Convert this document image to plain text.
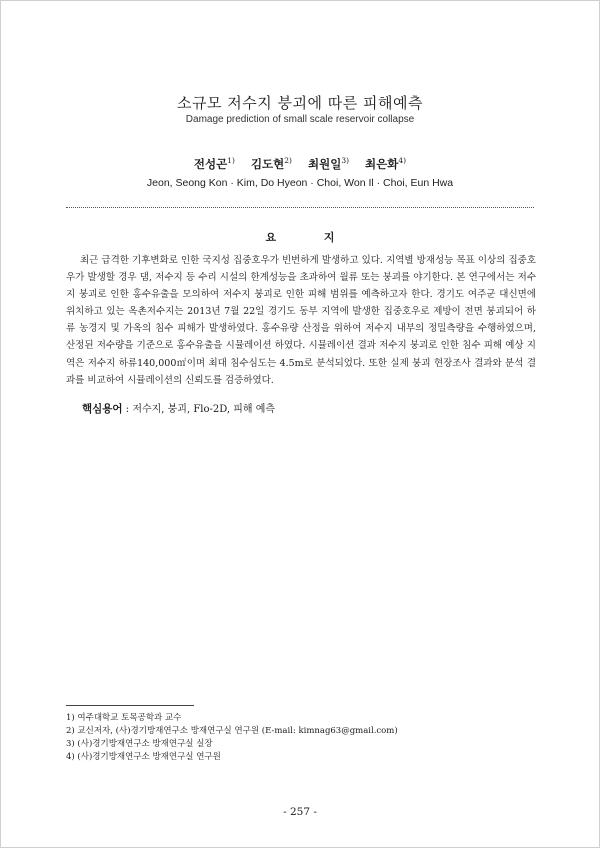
소규모 저수지 붕괴에 따른 피해예측
Damage prediction of small scale reservoir collapse
전성곤$^{1)}$ 김도현$^{2)}$ 최원일$^{3)}$ 최은화$^{4)}$
Jeon, Seong Kon · Kim, Do Hyeon · Choi, Won Il · Choi, Eun Hwa
요 지

최근 급격한 기후변화로 인한 국지성 집중호우가 빈번하게 발생하고 있다. 지역별 방재성능 목표 이상의 집중호우가 발생할 경우 댐, 저수지 등 수리 시설의 한계성능을 초과하여 월류 또는 붕괴를 야기한다. 본 연구에서는 저수지 붕괴로 인한 홍수유출을 모의하여 저수지 붕괴로 인한 피해 범위를 예측하고자 한다. 경기도 여주군 대신면에 위치하고 있는 옥촌저수지는 2013년 7월 22일 경기도 동부 지역에 발생한 집중호우로 제방이 전면 붕괴되어 하류 농경지 및 가옥의 침수 피해가 발생하였다. 홍수유량 산정을 위하여 저수지 내부의 정밀측량을 수행하였으며, 산정된 저수량을 기준으로 홍수유출을 시뮬레이션 하였다. 시뮬레이션 결과 저수지 붕괴로 인한 침수 피해 예상 지역은 저수지 하류140,000㎡이며 최대 침수심도는 4.5m로 분석되었다. 또한 실제 붕괴 현장조사 결과와 분석 결과를 비교하여 시뮬레이션의 신뢰도를 검증하였다.

핵심용어 : 저수지, 붕괴, Flo-2D, 피해 예측

1) 여주대학교 토목공학과 교수
2) 교신저자, (사)경기방재연구소 방재연구실 연구원 (E-mail: kimnag63@gmail.com)
3) (사)경기방재연구소 방재연구실 실장
4) (사)경기방재연구소 방재연구실 연구원
- 257 -
